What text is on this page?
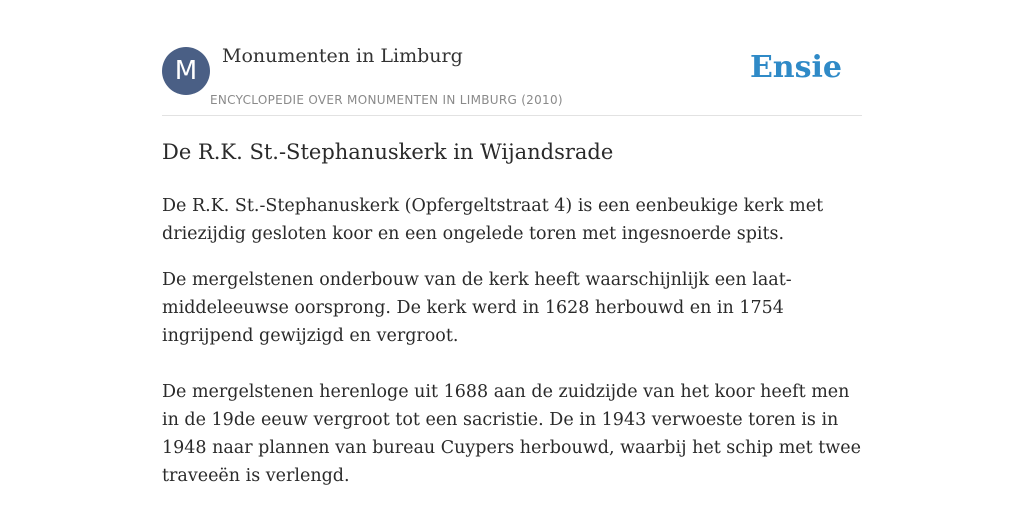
M	Monumenten in Limburg
ENCYCLOPEDIE OVER MONUMENTEN IN LIMBURG (2010)
Ensie
De R.K. St.-Stephanuskerk in Wijandsrade

De R.K. St.-Stephanuskerk (Opfergeltstraat 4) is een eenbeukige kerk met driezijdig gesloten koor en een ongelede toren met ingesnoerde spits.

De mergelstenen onderbouw van de kerk heeft waarschijnlijk een laat-middeleeuwse oorsprong. De kerk werd in 1628 herbouwd en in 1754 ingrijpend gewijzigd en vergroot.

De mergelstenen herenloge uit 1688 aan de zuidzijde van het koor heeft men in de 19de eeuw vergroot tot een sacristie. De in 1943 verwoeste toren is in 1948 naar plannen van bureau Cuypers herbouwd, waarbij het schip met twee traveeën is verlengd.
